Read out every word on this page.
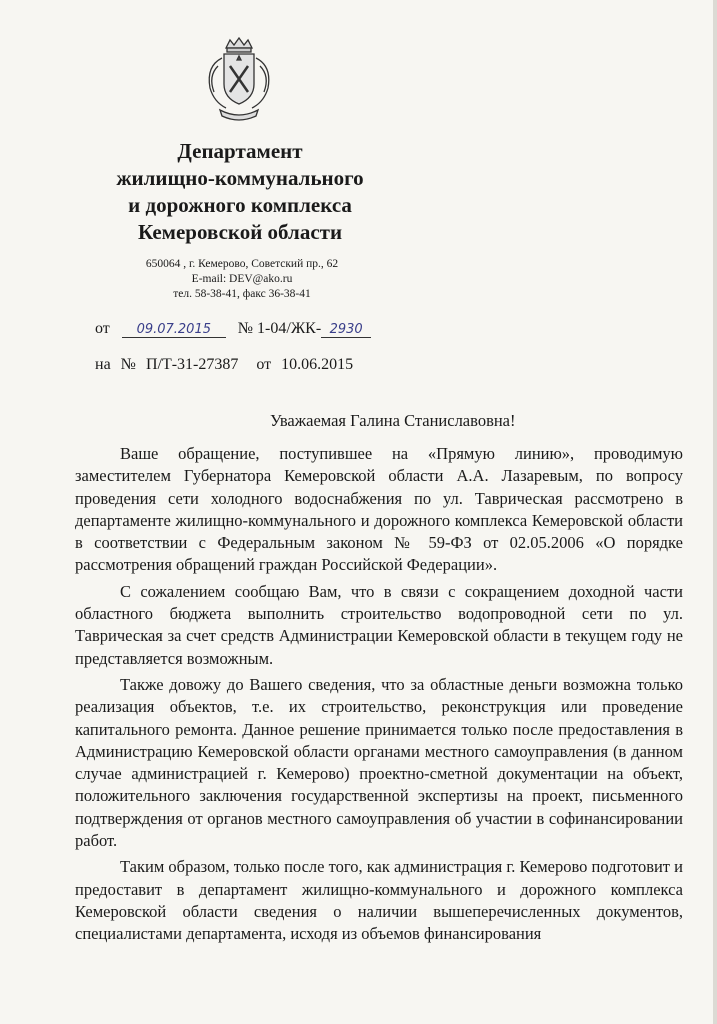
Департамент
жилищно-коммунального
и дорожного комплекса
Кемеровской области
650064 , г. Кемерово, Советский пр., 62
E-mail: DEV@ako.ru
тел. 58-38-41, факс 36-38-41
от 09.07.2015 № 1-04/ЖК- 2930
на № П/Т-31-27387 от 10.06.2015
Уважаемая Галина Станиславовна!

Ваше обращение, поступившее на «Прямую линию», проводимую заместителем Губернатора Кемеровской области А.А. Лазаревым, по вопросу проведения сети холодного водоснабжения по ул. Таврическая рассмотрено в департаменте жилищно-коммунального и дорожного комплекса Кемеровской области в соответствии с Федеральным законом № 59-ФЗ от 02.05.2006 «О порядке рассмотрения обращений граждан Российской Федерации».

С сожалением сообщаю Вам, что в связи с сокращением доходной части областного бюджета выполнить строительство водопроводной сети по ул. Таврическая за счет средств Администрации Кемеровской области в текущем году не представляется возможным.

Также довожу до Вашего сведения, что за областные деньги возможна только реализация объектов, т.е. их строительство, реконструкция или проведение капитального ремонта. Данное решение принимается только после предоставления в Администрацию Кемеровской области органами местного самоуправления (в данном случае администрацией г. Кемерово) проектно-сметной документации на объект, положительного заключения государственной экспертизы на проект, письменного подтверждения от органов местного самоуправления об участии в софинансировании работ.

Таким образом, только после того, как администрация г. Кемерово подготовит и предоставит в департамент жилищно-коммунального и дорожного комплекса Кемеровской области сведения о наличии вышеперечисленных документов, специалистами департамента, исходя из объемов финансирования
